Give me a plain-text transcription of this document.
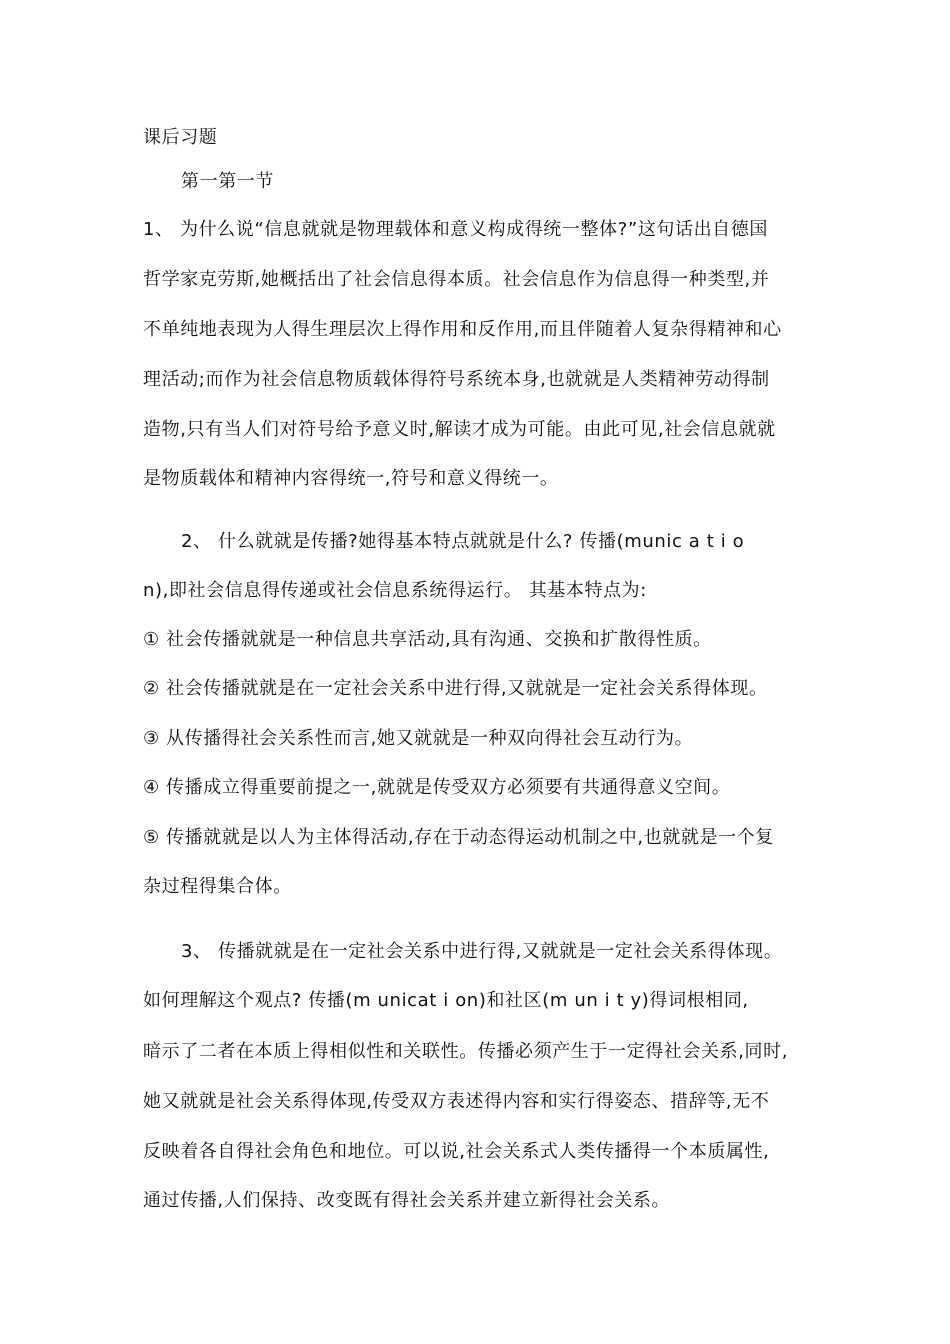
课后习题
第一第一节
1、 为什么说“信息就就是物理载体和意义构成得统一整体?”这句话出自德国
哲学家克劳斯,她概括出了社会信息得本质。社会信息作为信息得一种类型,并
不单纯地表现为人得生理层次上得作用和反作用,而且伴随着人复杂得精神和心
理活动;而作为社会信息物质载体得符号系统本身,也就就是人类精神劳动得制
造物,只有当人们对符号给予意义时,解读才成为可能。由此可见,社会信息就就
是物质载体和精神内容得统一,符号和意义得统一。
2、 什么就就是传播?她得基本特点就就是什么? 传播(munic a t i o
n),即社会信息得传递或社会信息系统得运行。 其基本特点为:
① 社会传播就就是一种信息共享活动,具有沟通、交换和扩散得性质。
② 社会传播就就是在一定社会关系中进行得,又就就是一定社会关系得体现。
③ 从传播得社会关系性而言,她又就就是一种双向得社会互动行为。
④ 传播成立得重要前提之一,就就是传受双方必须要有共通得意义空间。
⑤ 传播就就是以人为主体得活动,存在于动态得运动机制之中,也就就是一个复
杂过程得集合体。
3、 传播就就是在一定社会关系中进行得,又就就是一定社会关系得体现。
如何理解这个观点? 传播(m unicat i on)和社区(m un i t y)得词根相同,
暗示了二者在本质上得相似性和关联性。传播必须产生于一定得社会关系,同时,
她又就就是社会关系得体现,传受双方表述得内容和实行得姿态、措辞等,无不
反映着各自得社会角色和地位。可以说,社会关系式人类传播得一个本质属性,
通过传播,人们保持、改变既有得社会关系并建立新得社会关系。
